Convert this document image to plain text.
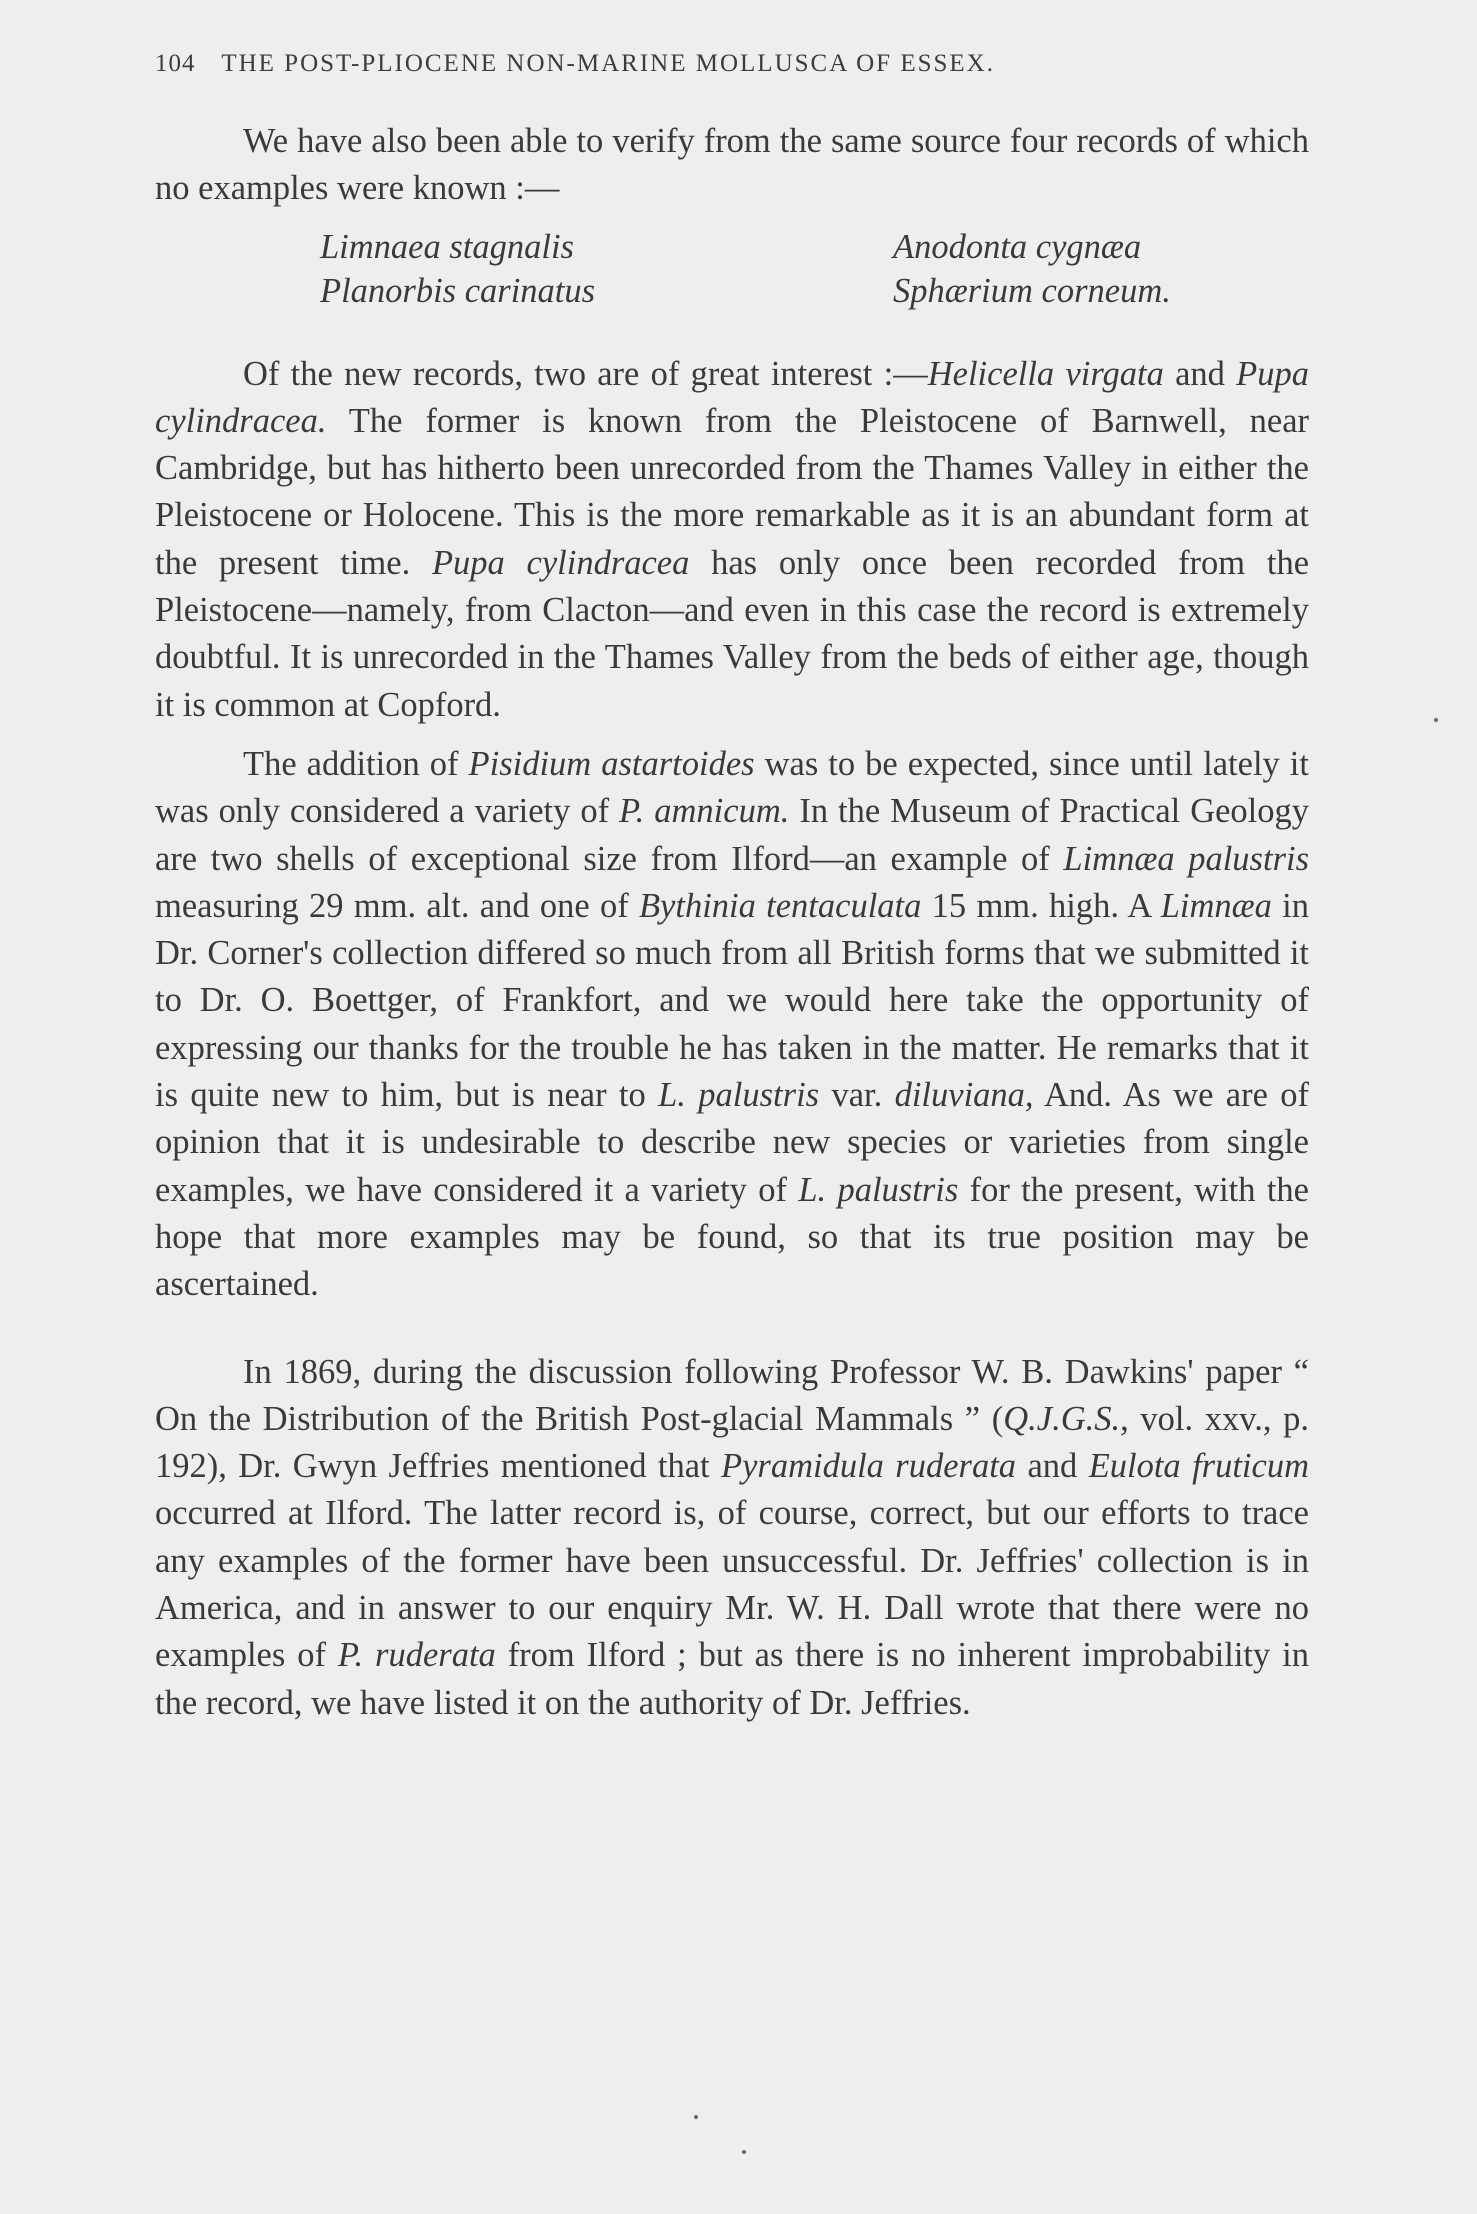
104 THE POST-PLIOCENE NON-MARINE MOLLUSCA OF ESSEX.

We have also been able to verify from the same source four records of which no examples were known :—

Limnaea stagnalis	Anodonta cygnæa
Planorbis carinatus	Sphærium corneum.

Of the new records, two are of great interest :—Helicella virgata and Pupa cylindracea. The former is known from the Pleistocene of Barnwell, near Cambridge, but has hitherto been unrecorded from the Thames Valley in either the Pleistocene or Holocene. This is the more remarkable as it is an abundant form at the present time. Pupa cylindracea has only once been recorded from the Pleistocene—namely, from Clacton—and even in this case the record is extremely doubtful. It is unrecorded in the Thames Valley from the beds of either age, though it is common at Copford.

The addition of Pisidium astartoides was to be expected, since until lately it was only considered a variety of P. amnicum. In the Museum of Practical Geology are two shells of exceptional size from Ilford—an example of Limnæa palustris measuring 29 mm. alt. and one of Bythinia tentaculata 15 mm. high. A Limnæa in Dr. Corner's collection differed so much from all British forms that we submitted it to Dr. O. Boettger, of Frankfort, and we would here take the opportunity of expressing our thanks for the trouble he has taken in the matter. He remarks that it is quite new to him, but is near to L. palustris var. diluviana, And. As we are of opinion that it is undesirable to describe new species or varieties from single examples, we have considered it a variety of L. palustris for the present, with the hope that more examples may be found, so that its true position may be ascertained.

In 1869, during the discussion following Professor W. B. Dawkins' paper “ On the Distribution of the British Post-glacial Mammals ” (Q.J.G.S., vol. xxv., p. 192), Dr. Gwyn Jeffries mentioned that Pyramidula ruderata and Eulota fruticum occurred at Ilford. The latter record is, of course, correct, but our efforts to trace any examples of the former have been unsuccessful. Dr. Jeffries' collection is in America, and in answer to our enquiry Mr. W. H. Dall wrote that there were no examples of P. ruderata from Ilford ; but as there is no inherent improbability in the record, we have listed it on the authority of Dr. Jeffries.
